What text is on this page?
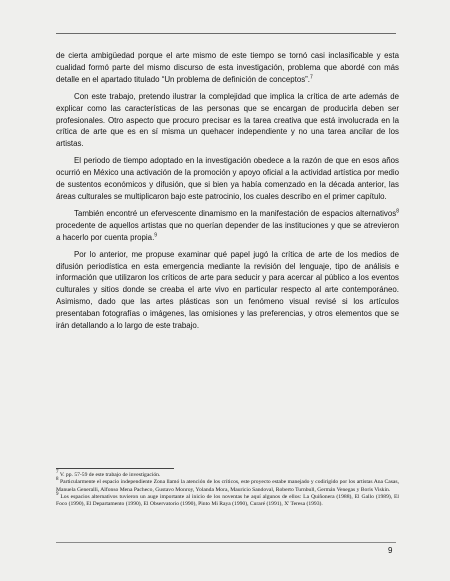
de cierta ambigüedad porque el arte mismo de este tiempo se tornó casi inclasificable y esta cualidad formó parte del mismo discurso de esta investigación, problema que abordé con más detalle en el apartado titulado “Un problema de definición de conceptos”.$^7$

Con este trabajo, pretendo ilustrar la complejidad que implica la crítica de arte además de explicar como las características de las personas que se encargan de producirla deben ser profesionales. Otro aspecto que procuro precisar es la tarea creativa que está involucrada en la crítica de arte que es en sí misma un quehacer independiente y no una tarea ancilar de los artistas.

El periodo de tiempo adoptado en la investigación obedece a la razón de que en esos años ocurrió en México una activación de la promoción y apoyo oficial a la actividad artística por medio de sustentos económicos y difusión, que si bien ya había comenzado en la década anterior, las áreas culturales se multiplicaron bajo este patrocinio, los cuales describo en el primer capítulo.

También encontré un efervescente dinamismo en la manifestación de espacios alternativos$^8$ procedente de aquellos artistas que no querían depender de las instituciones y que se atrevieron a hacerlo por cuenta propia.$^9$

Por lo anterior, me propuse examinar qué papel jugó la crítica de arte de los medios de difusión periodística en esta emergencia mediante la revisión del lenguaje, tipo de análisis e información que utilizaron los críticos de arte para seducir y para acercar al público a los eventos culturales y sitios donde se creaba el arte vivo en particular respecto al arte contemporáneo. Asimismo, dado que las artes plásticas son un fenómeno visual revisé si los artículos presentaban fotografías o imágenes, las omisiones y las preferencias, y otros elementos que se irán detallando a lo largo de este trabajo.

$^7$ V. pp. 57-59 de este trabajo de investigación.

$^8$ Particularmente el espacio independiente Zona llamó la atención de los críticos, este proyecto estabe manejado y codirigido por los artistas Ana Casas, Manuela Generalli, Alfonso Mena Pacheco, Gustavo Monroy, Yolanda Mora, Mauricio Sandoval, Roberto Turnbull, Germán Venegas y Boris Viskin.

$^9$ Los espacios alternativos tuvieron un auge importante al inicio de los noventas he aquí algunos de ellos: La Quiñonera (1988), El Gallo (1989), El Foco (1990), El Departamento (1990), El Observatorio (1990), Pinto Mi Raya (1990), Curaré (1991), X' Teresa (1993).

9
